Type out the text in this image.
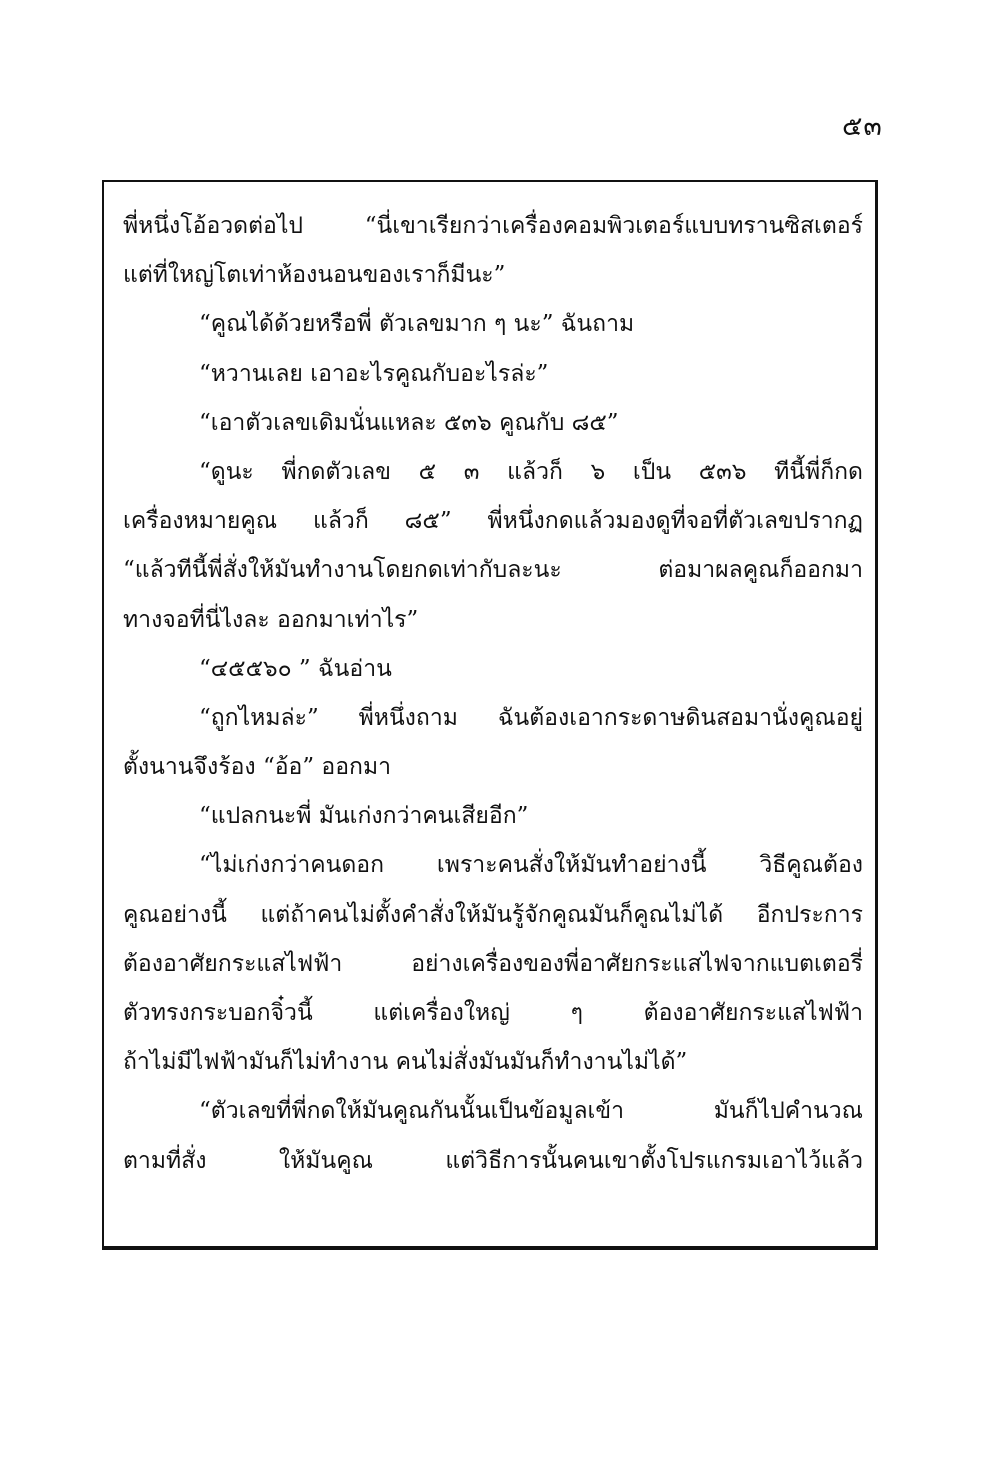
๕๓
พี่หนึ่งโอ้อวดต่อไป “นี่เขาเรียกว่าเครื่องคอมพิวเตอร์แบบทรานซิสเตอร์
แต่ที่ใหญ่โตเท่าห้องนอนของเราก็มีนะ”
“คูณได้ด้วยหรือพี่ ตัวเลขมาก ๆ นะ” ฉันถาม
“หวานเลย เอาอะไรคูณกับอะไรล่ะ”
“เอาตัวเลขเดิมนั่นแหละ ๕๓๖ คูณกับ ๘๕”
“ดูนะ พี่กดตัวเลข ๕ ๓ แล้วก็ ๖ เป็น ๕๓๖ ทีนี้พี่ก็กด
เครื่องหมายคูณ แล้วก็ ๘๕” พี่หนึ่งกดแล้วมองดูที่จอที่ตัวเลขปรากฏ
“แล้วทีนี้พี่สั่งให้มันทำงานโดยกดเท่ากับละนะ ต่อมาผลคูณก็ออกมา
ทางจอที่นี่ไงละ ออกมาเท่าไร”
“๔๕๕๖๐ ” ฉันอ่าน
“ถูกไหมล่ะ” พี่หนึ่งถาม ฉันต้องเอากระดาษดินสอมานั่งคูณอยู่
ตั้งนานจึงร้อง “อ้อ” ออกมา
“แปลกนะพี่ มันเก่งกว่าคนเสียอีก”
“ไม่เก่งกว่าคนดอก เพราะคนสั่งให้มันทำอย่างนี้ วิธีคูณต้อง
คูณอย่างนี้ แต่ถ้าคนไม่ตั้งคำสั่งให้มันรู้จักคูณมันก็คูณไม่ได้ อีกประการ
ต้องอาศัยกระแสไฟฟ้า อย่างเครื่องของพี่อาศัยกระแสไฟจากแบตเตอรี่
ตัวทรงกระบอกจิ๋วนี้ แต่เครื่องใหญ่ ๆ ต้องอาศัยกระแสไฟฟ้า
ถ้าไม่มีไฟฟ้ามันก็ไม่ทำงาน คนไม่สั่งมันมันก็ทำงานไม่ได้”
“ตัวเลขที่พี่กดให้มันคูณกันนั้นเป็นข้อมูลเข้า มันก็ไปคำนวณ
ตามที่สั่ง ให้มันคูณ แต่วิธีการนั้นคนเขาตั้งโปรแกรมเอาไว้แล้ว
